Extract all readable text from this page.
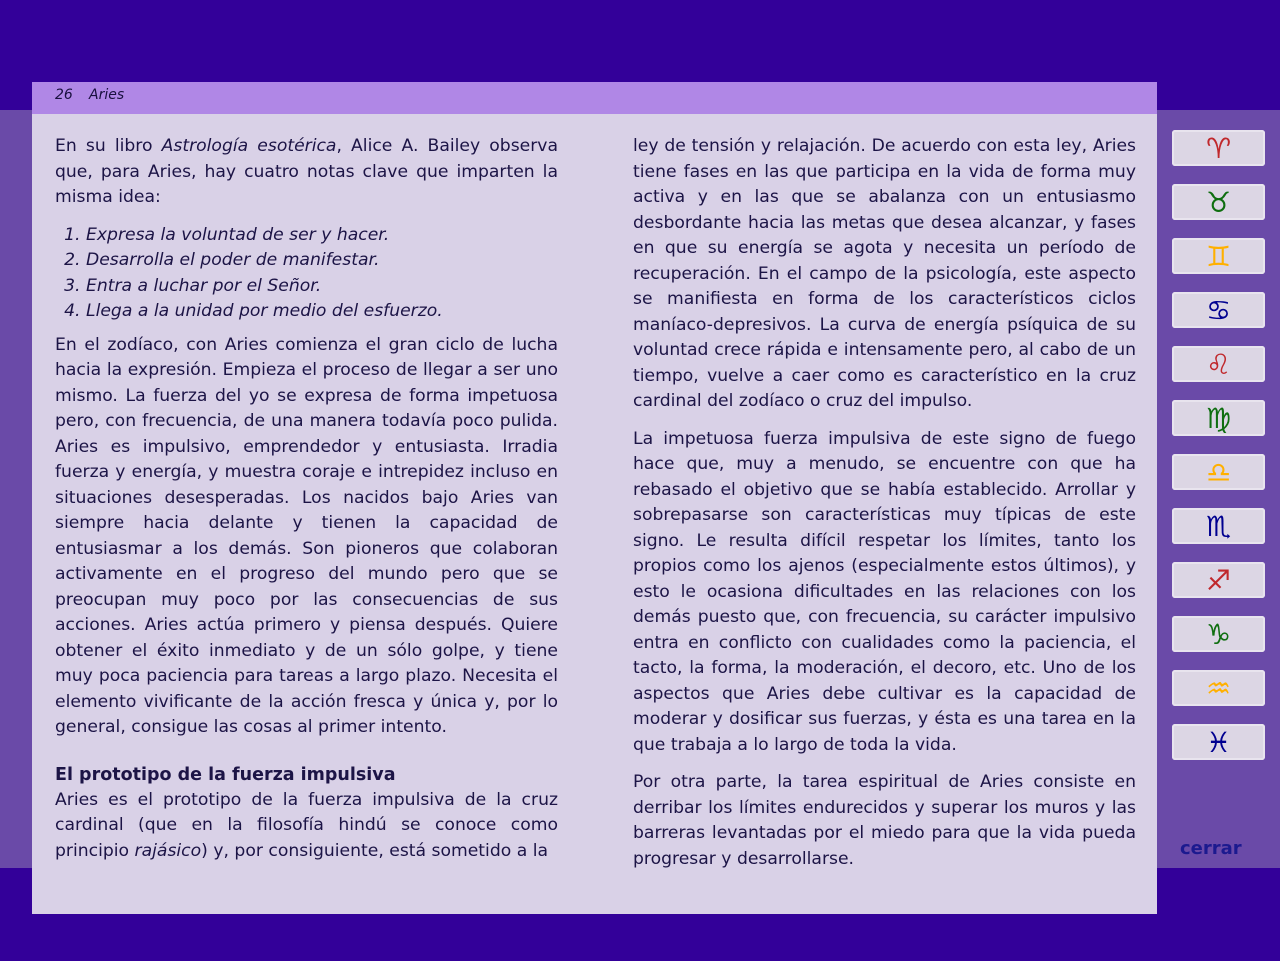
26 Aries

En su libro Astrología esotérica, Alice A. Bailey observa que, para Aries, hay cuatro notas clave que imparten la misma idea:

1. Expresa la voluntad de ser y hacer.
2. Desarrolla el poder de manifestar.
3. Entra a luchar por el Señor.
4. Llega a la unidad por medio del esfuerzo.

En el zodíaco, con Aries comienza el gran ciclo de lucha hacia la expresión. Empieza el proceso de llegar a ser uno mismo. La fuerza del yo se expresa de forma impetuosa pero, con frecuencia, de una manera todavía poco pulida. Aries es impulsivo, emprendedor y entusiasta. Irradia fuerza y energía, y muestra coraje e intrepidez incluso en situaciones desesperadas. Los nacidos bajo Aries van siempre hacia delante y tienen la capacidad de entusiasmar a los demás. Son pioneros que colaboran activamente en el progreso del mundo pero que se preocupan muy poco por las consecuencias de sus acciones. Aries actúa primero y piensa después. Quiere obtener el éxito inmediato y de un sólo golpe, y tiene muy poca paciencia para tareas a largo plazo. Necesita el elemento vivificante de la acción fresca y única y, por lo general, consigue las cosas al primer intento.

El prototipo de la fuerza impulsiva

Aries es el prototipo de la fuerza impulsiva de la cruz cardinal (que en la filosofía hindú se conoce como principio rajásico) y, por consiguiente, está sometido a la

ley de tensión y relajación. De acuerdo con esta ley, Aries tiene fases en las que participa en la vida de forma muy activa y en las que se abalanza con un entusiasmo desbordante hacia las metas que desea alcanzar, y fases en que su energía se agota y necesita un período de recuperación. En el campo de la psicología, este aspecto se manifiesta en forma de los característicos ciclos maníaco-depresivos. La curva de energía psíquica de su voluntad crece rápida e intensamente pero, al cabo de un tiempo, vuelve a caer como es característico en la cruz cardinal del zodíaco o cruz del impulso.

La impetuosa fuerza impulsiva de este signo de fuego hace que, muy a menudo, se encuentre con que ha rebasado el objetivo que se había establecido. Arrollar y sobrepasarse son características muy típicas de este signo. Le resulta difícil respetar los límites, tanto los propios como los ajenos (especialmente estos últimos), y esto le ocasiona dificultades en las relaciones con los demás puesto que, con frecuencia, su carácter impulsivo entra en conflicto con cualidades como la paciencia, el tacto, la forma, la moderación, el decoro, etc. Uno de los aspectos que Aries debe cultivar es la capacidad de moderar y dosificar sus fuerzas, y ésta es una tarea en la que trabaja a lo largo de toda la vida.

Por otra parte, la tarea espiritual de Aries consiste en derribar los límites endurecidos y superar los muros y las barreras levantadas por el miedo para que la vida pueda progresar y desarrollarse.

♈
♉
♊
♋
♌
♍
♎
♏
♐
♑
♒
♓
cerrar
